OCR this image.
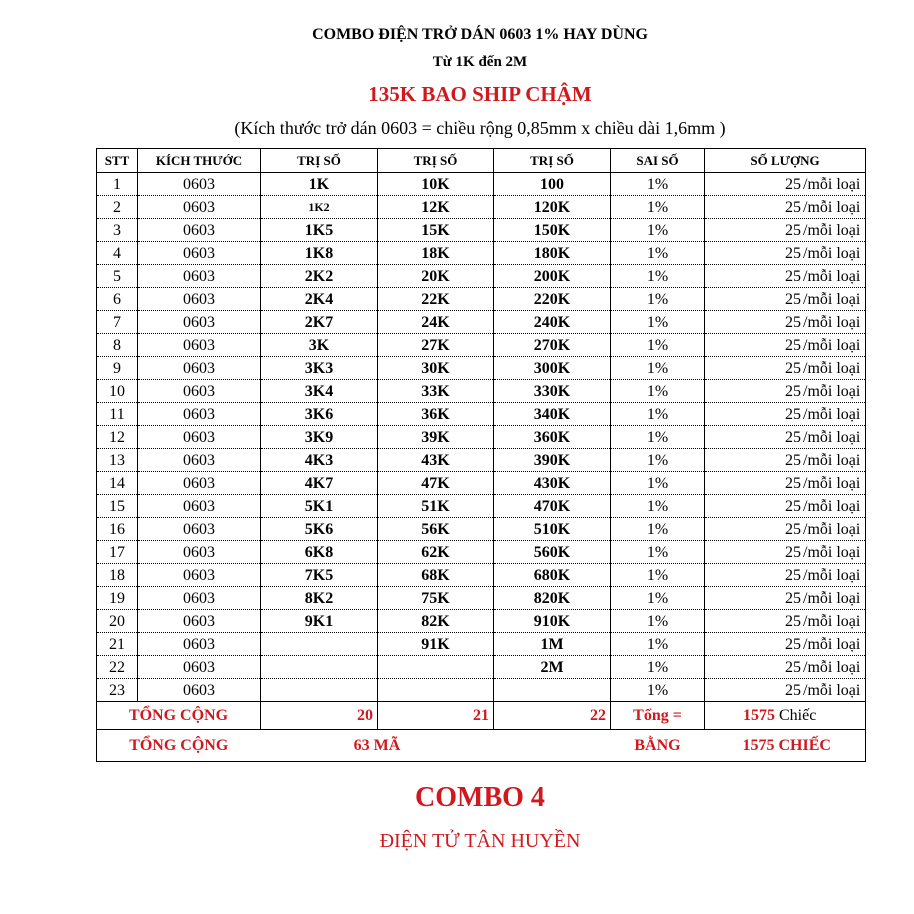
COMBO ĐIỆN TRỞ DÁN 0603 1% HAY DÙNG
Từ 1K đến 2M
135K BAO SHIP CHẬM
(Kích thước trở dán 0603 = chiều rộng 0,85mm x chiều dài 1,6mm )
STT	KÍCH THƯỚC	TRỊ SỐ	TRỊ SỐ	TRỊ SỐ	SAI SỐ	SỐ LƯỢNG
1	0603	1K	10K	100	1%	25 /mỗi loại
2	0603	1K2	12K	120K	1%	25 /mỗi loại
3	0603	1K5	15K	150K	1%	25 /mỗi loại
4	0603	1K8	18K	180K	1%	25 /mỗi loại
5	0603	2K2	20K	200K	1%	25 /mỗi loại
6	0603	2K4	22K	220K	1%	25 /mỗi loại
7	0603	2K7	24K	240K	1%	25 /mỗi loại
8	0603	3K	27K	270K	1%	25 /mỗi loại
9	0603	3K3	30K	300K	1%	25 /mỗi loại
10	0603	3K4	33K	330K	1%	25 /mỗi loại
11	0603	3K6	36K	340K	1%	25 /mỗi loại
12	0603	3K9	39K	360K	1%	25 /mỗi loại
13	0603	4K3	43K	390K	1%	25 /mỗi loại
14	0603	4K7	47K	430K	1%	25 /mỗi loại
15	0603	5K1	51K	470K	1%	25 /mỗi loại
16	0603	5K6	56K	510K	1%	25 /mỗi loại
17	0603	6K8	62K	560K	1%	25 /mỗi loại
18	0603	7K5	68K	680K	1%	25 /mỗi loại
19	0603	8K2	75K	820K	1%	25 /mỗi loại
20	0603	9K1	82K	910K	1%	25 /mỗi loại
21	0603		91K	1M	1%	25 /mỗi loại
22	0603			2M	1%	25 /mỗi loại
23	0603				1%	25 /mỗi loại
TỔNG CỘNG		20	21	22	Tổng =	1575 Chiếc
TỔNG CỘNG		63 MÃ			BẰNG	1575 CHIẾC
COMBO 4
ĐIỆN TỬ TÂN HUYỀN
